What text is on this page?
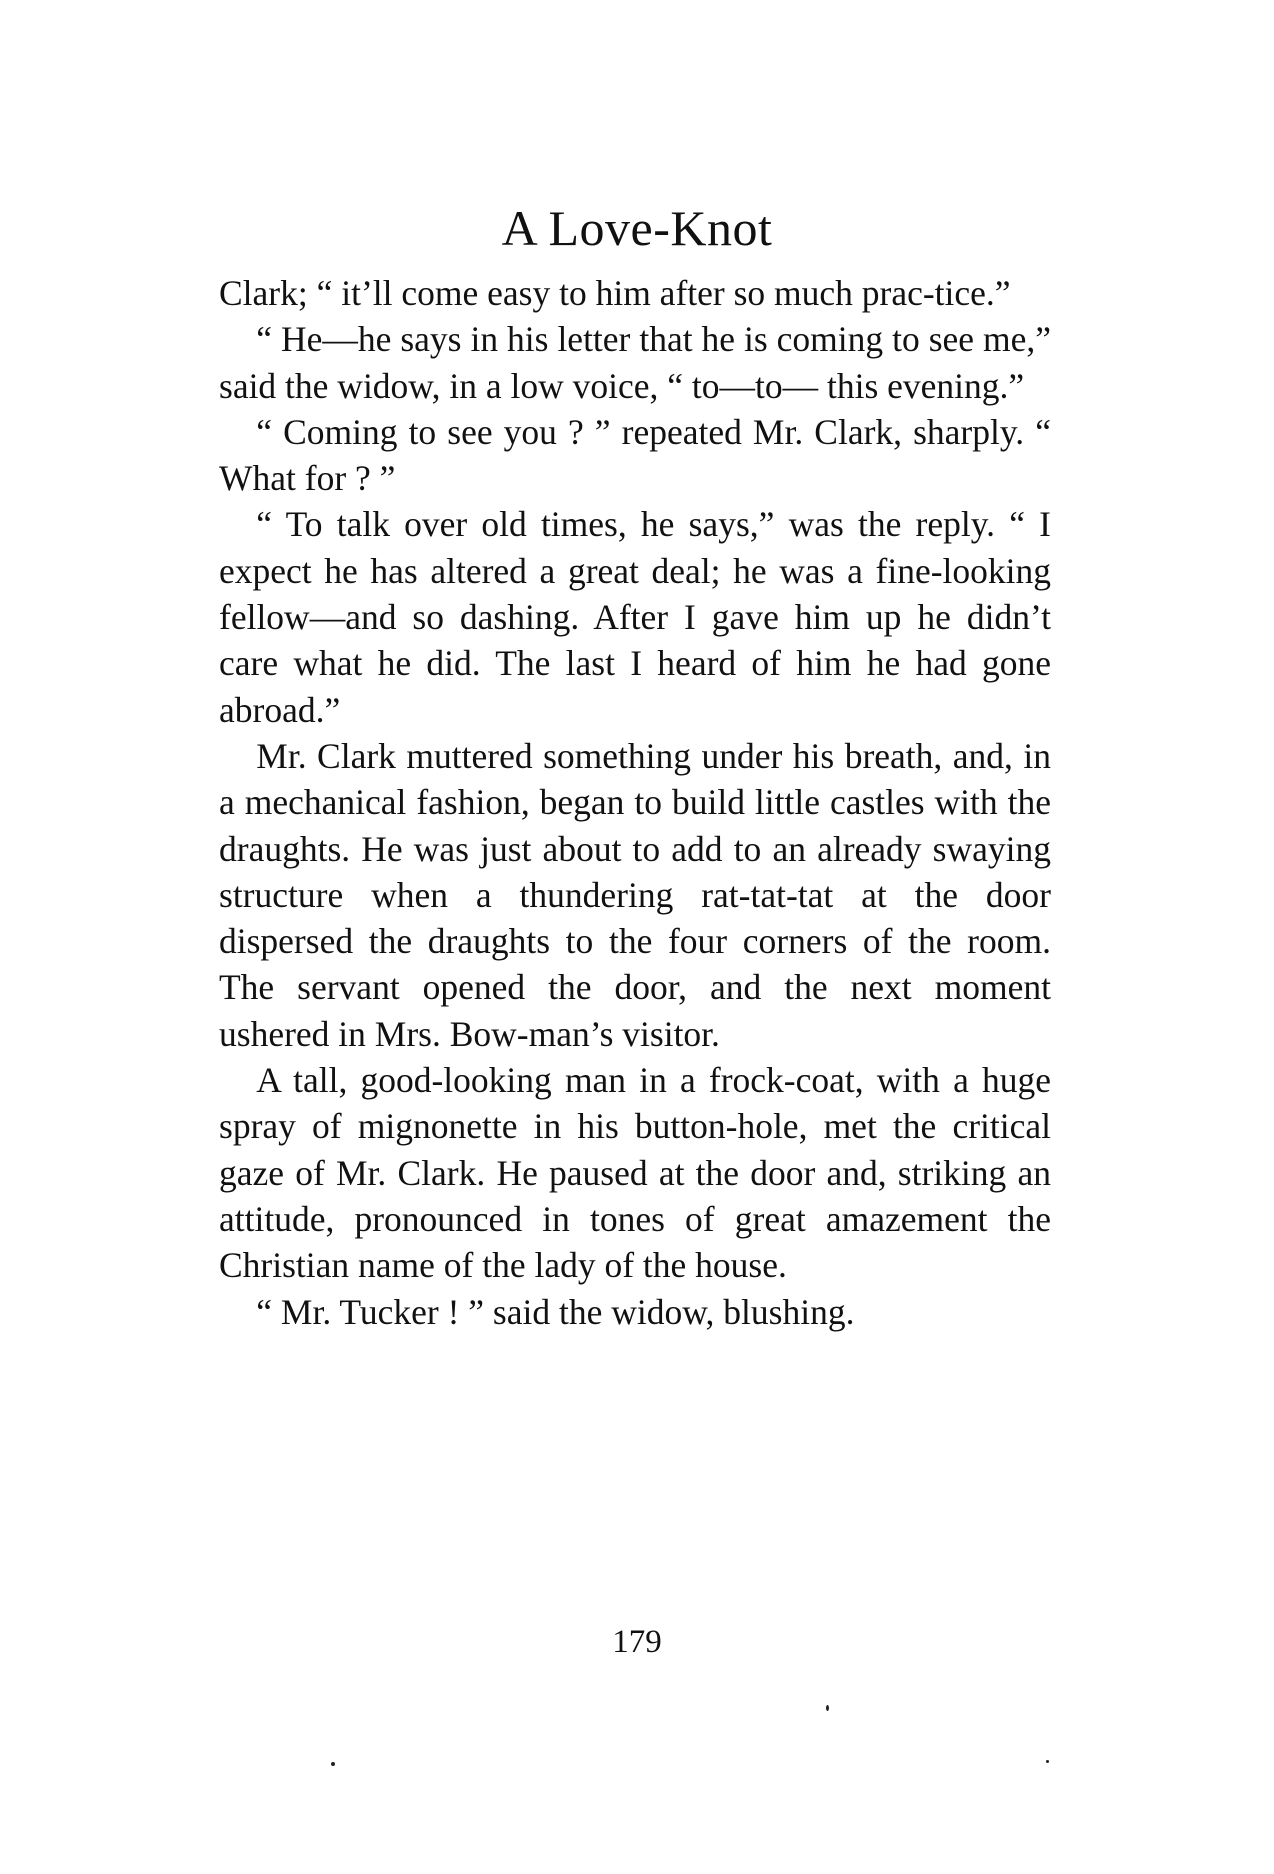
A Love-Knot

Clark; “ it’ll come easy to him after so much prac-tice.”

“ He—he says in his letter that he is coming to see me,” said the widow, in a low voice, “ to—to— this evening.”

“ Coming to see you ? ” repeated Mr. Clark, sharply. “ What for ? ”

“ To talk over old times, he says,” was the reply. “ I expect he has altered a great deal; he was a fine-looking fellow—and so dashing. After I gave him up he didn’t care what he did. The last I heard of him he had gone abroad.”

Mr. Clark muttered something under his breath, and, in a mechanical fashion, began to build little castles with the draughts. He was just about to add to an already swaying structure when a thundering rat-tat-tat at the door dispersed the draughts to the four corners of the room. The servant opened the door, and the next moment ushered in Mrs. Bow-man’s visitor.

A tall, good-looking man in a frock-coat, with a huge spray of mignonette in his button-hole, met the critical gaze of Mr. Clark. He paused at the door and, striking an attitude, pronounced in tones of great amazement the Christian name of the lady of the house.

“ Mr. Tucker ! ” said the widow, blushing.

179
